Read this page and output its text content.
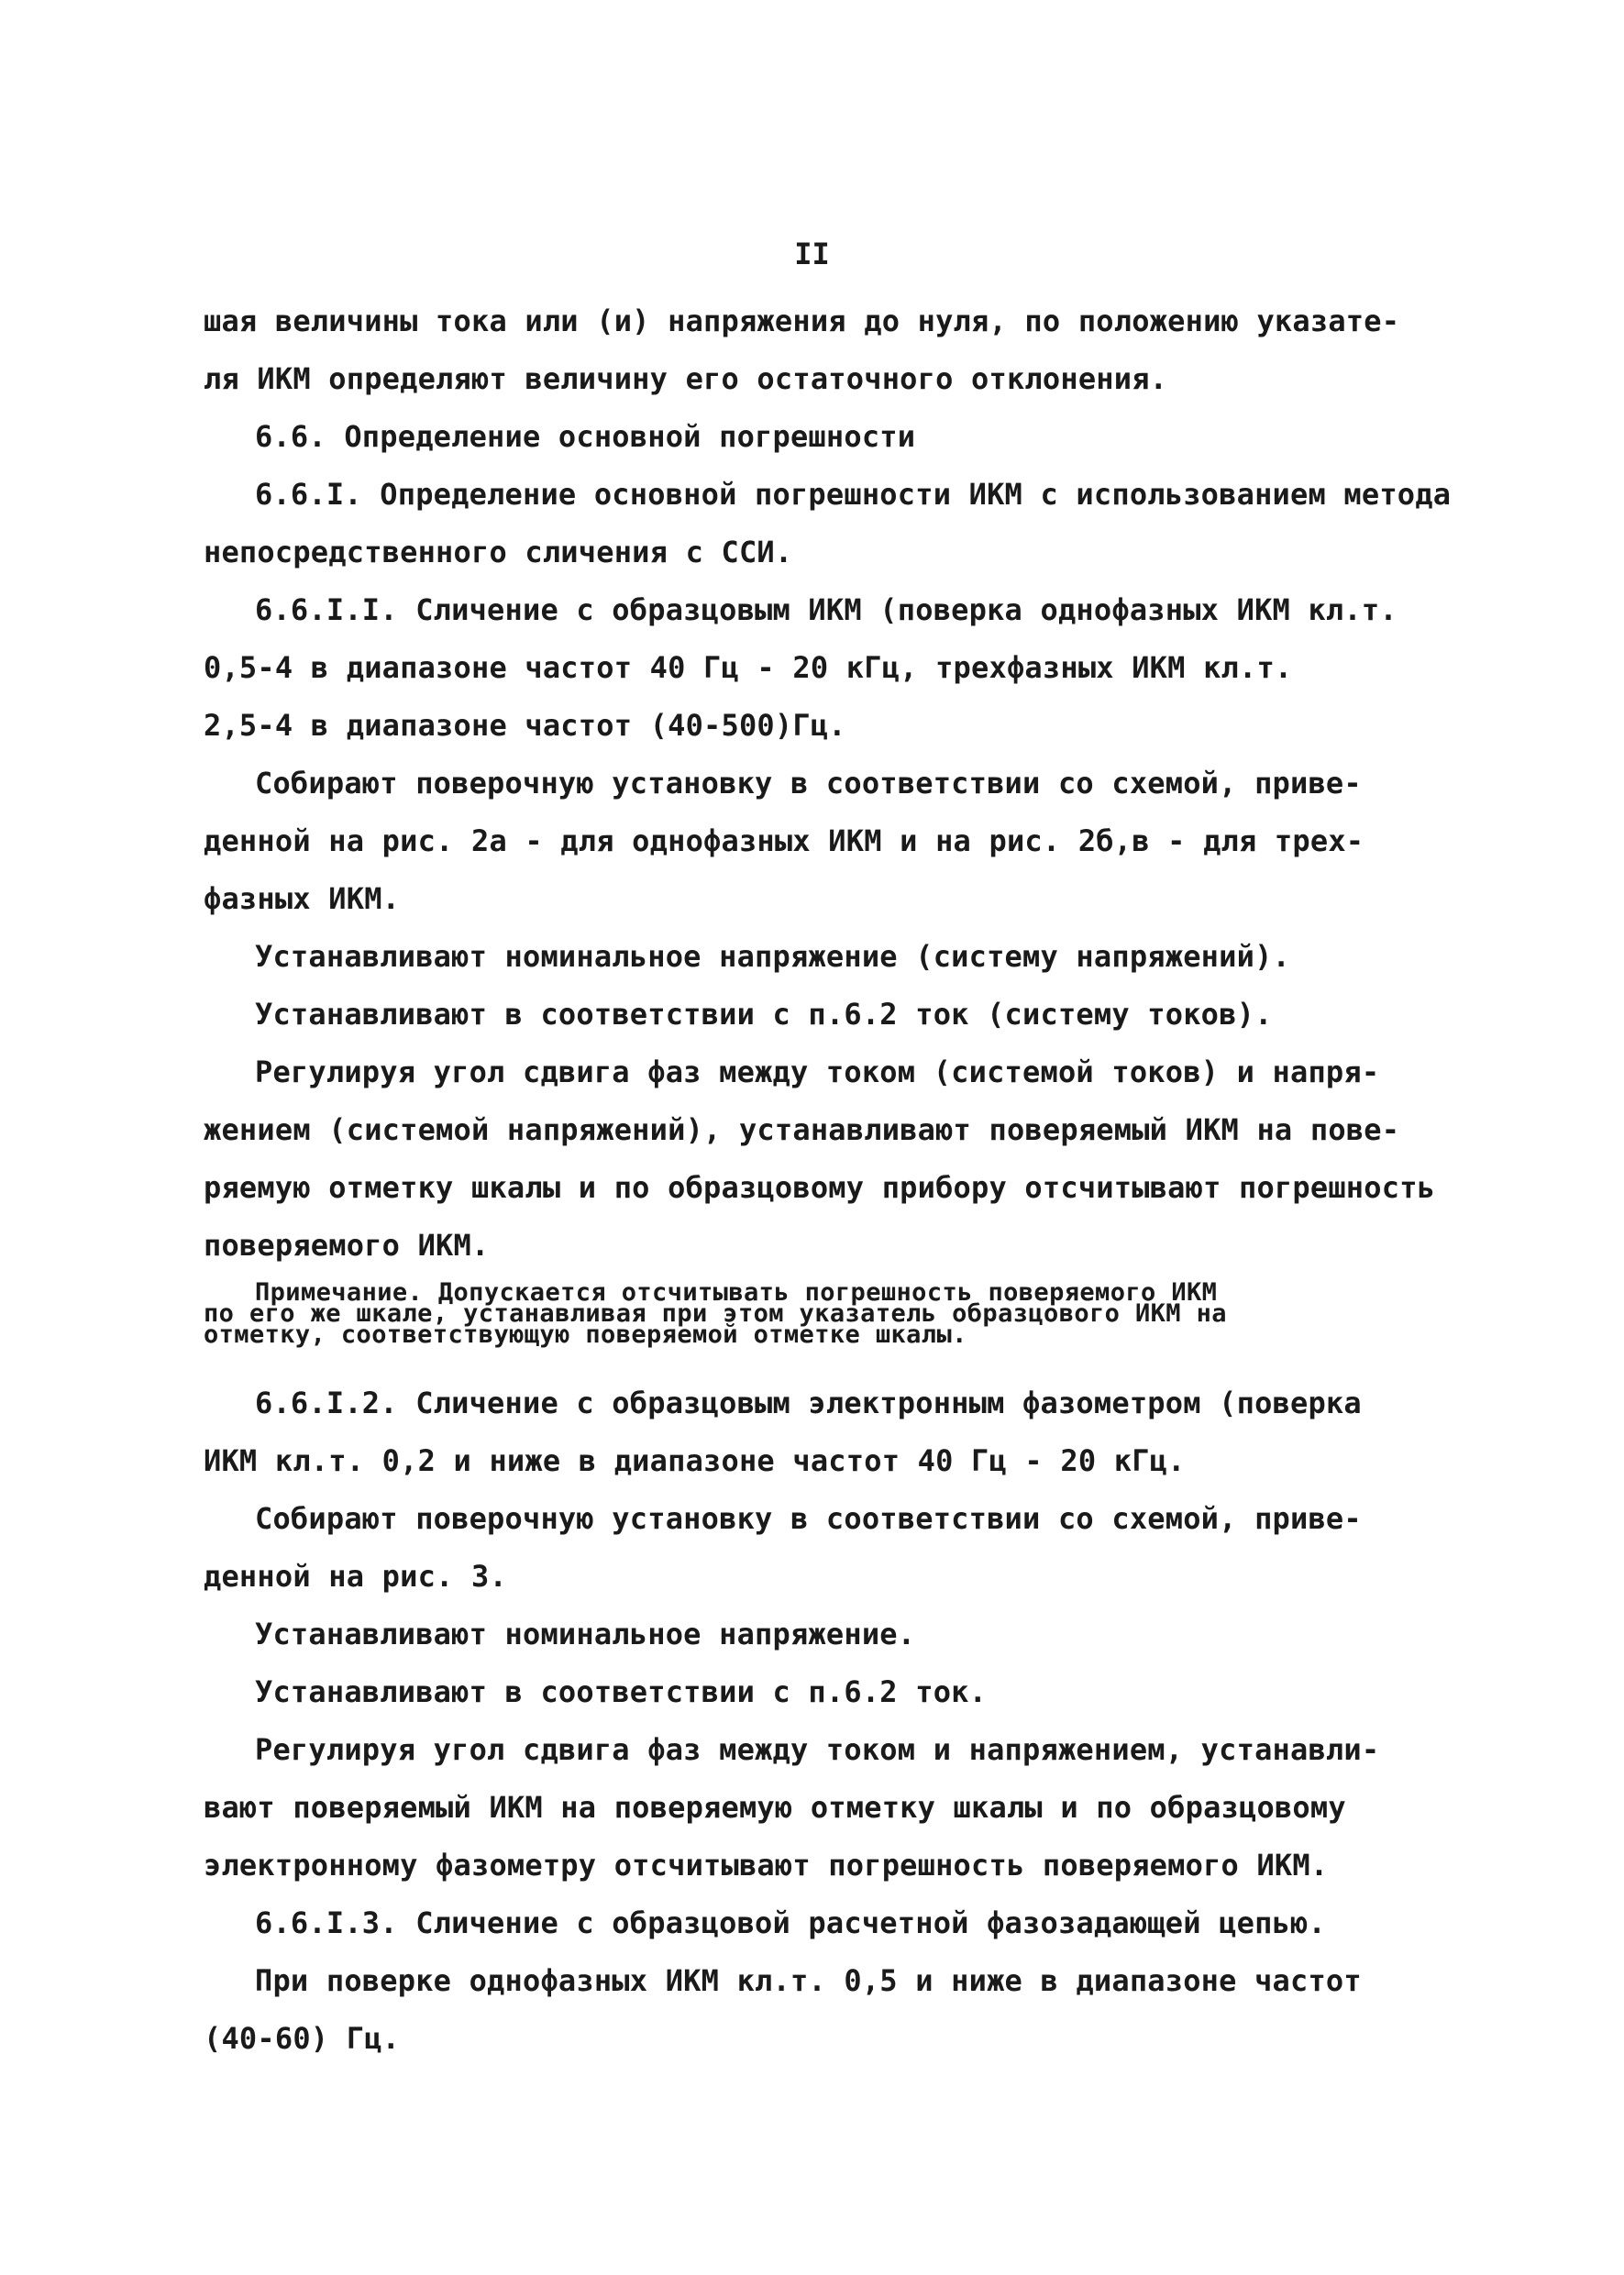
II
шая величины тока или (и) напряжения до нуля, по положению указате-
ля ИКМ определяют величину его остаточного отклонения.
6.6. Определение основной погрешности
6.6.I. Определение основной погрешности ИКМ с использованием метода
непосредственного сличения с ССИ.
6.6.I.I. Сличение с образцовым ИКМ (поверка однофазных ИКМ кл.т.
0,5-4 в диапазоне частот 40 Гц - 20 кГц, трехфазных ИКМ кл.т.
2,5-4 в диапазоне частот (40-500)Гц.
Собирают поверочную установку в соответствии со схемой, приве-
денной на рис. 2а - для однофазных ИКМ и на рис. 2б,в - для трех-
фазных ИКМ.
Устанавливают номинальное напряжение (систему напряжений).
Устанавливают в соответствии с п.6.2 ток (систему токов).
Регулируя угол сдвига фаз между током (системой токов) и напря-
жением (системой напряжений), устанавливают поверяемый ИКМ на пове-
ряемую отметку шкалы и по образцовому прибору отсчитывают погрешность
поверяемого ИКМ.
Примечание. Допускается отсчитывать погрешность поверяемого ИКМ
по его же шкале, устанавливая при этом указатель образцового ИКМ на
отметку, соответствующую поверяемой отметке шкалы.
6.6.I.2. Сличение с образцовым электронным фазометром (поверка
ИКМ кл.т. 0,2 и ниже в диапазоне частот 40 Гц - 20 кГц.
Собирают поверочную установку в соответствии со схемой, приве-
денной на рис. 3.
Устанавливают номинальное напряжение.
Устанавливают в соответствии с п.6.2 ток.
Регулируя угол сдвига фаз между током и напряжением, устанавли-
вают поверяемый ИКМ на поверяемую отметку шкалы и по образцовому
электронному фазометру отсчитывают погрешность поверяемого ИКМ.
6.6.I.3. Сличение с образцовой расчетной фазозадающей цепью.
При поверке однофазных ИКМ кл.т. 0,5 и ниже в диапазоне частот
(40-60) Гц.
